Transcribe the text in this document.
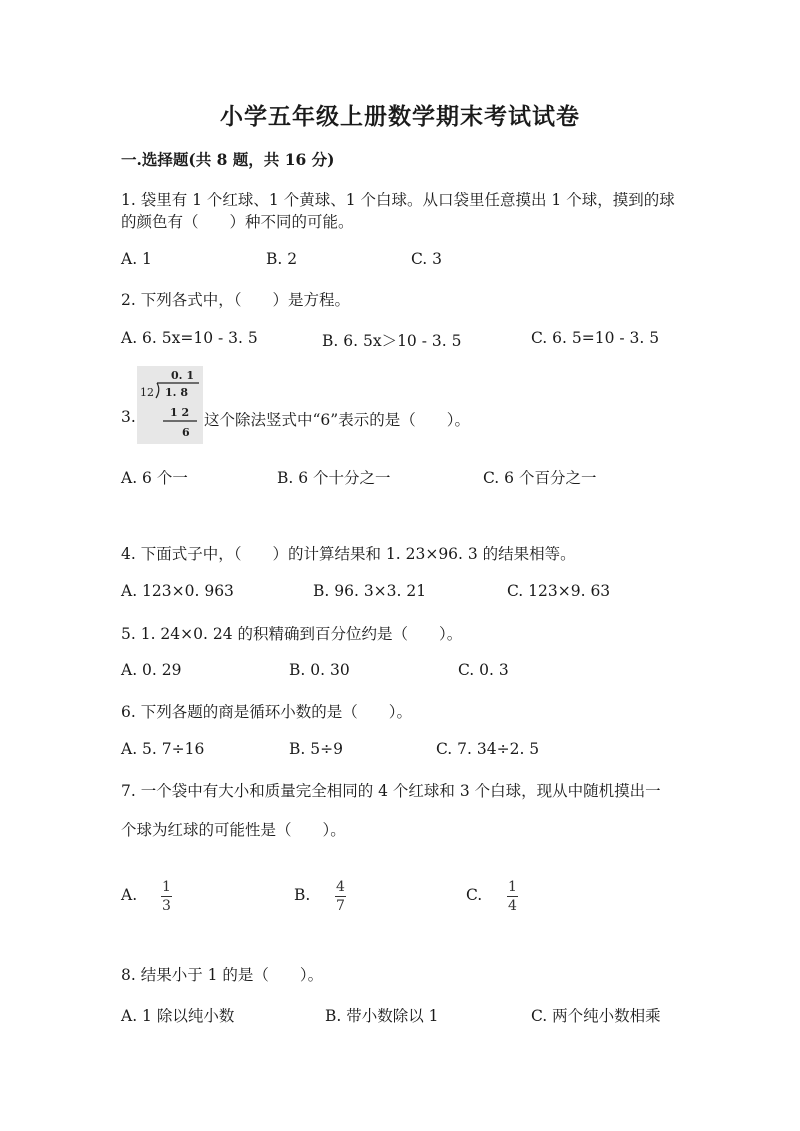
小学五年级上册数学期末考试试卷
一.选择题(共 8 题，共 16 分)
1. 袋里有 1 个红球、1 个黄球、1 个白球。从口袋里任意摸出 1 个球，摸到的球
的颜色有（　　）种不同的可能。
A. 1	B. 2	C. 3
2. 下列各式中，（　　）是方程。
A. 6. 5x=10 - 3. 5	B. 6. 5x＞10 - 3. 5	C. 6. 5=10 - 3. 5
3.
0. 1
12 1. 8
1 2
6
这个除法竖式中“6”表示的是（　　）。
A. 6 个一	B. 6 个十分之一	C. 6 个百分之一
4. 下面式子中，（　　）的计算结果和 1. 23×96. 3 的结果相等。
A. 123×0. 963	B. 96. 3×3. 21	C. 123×9. 63
5. 1. 24×0. 24 的积精确到百分位约是（　　）。
A. 0. 29	B. 0. 30	C. 0. 3
6. 下列各题的商是循环小数的是（　　）。
A. 5. 7÷16	B. 5÷9	C. 7. 34÷2. 5
7. 一个袋中有大小和质量完全相同的 4 个红球和 3 个白球，现从中随机摸出一
个球为红球的可能性是（　　）。
A. 1
3
B. 4
7
C. 1
4
8. 结果小于 1 的是（　　）。
A. 1 除以纯小数	B. 带小数除以 1	C. 两个纯小数相乘
